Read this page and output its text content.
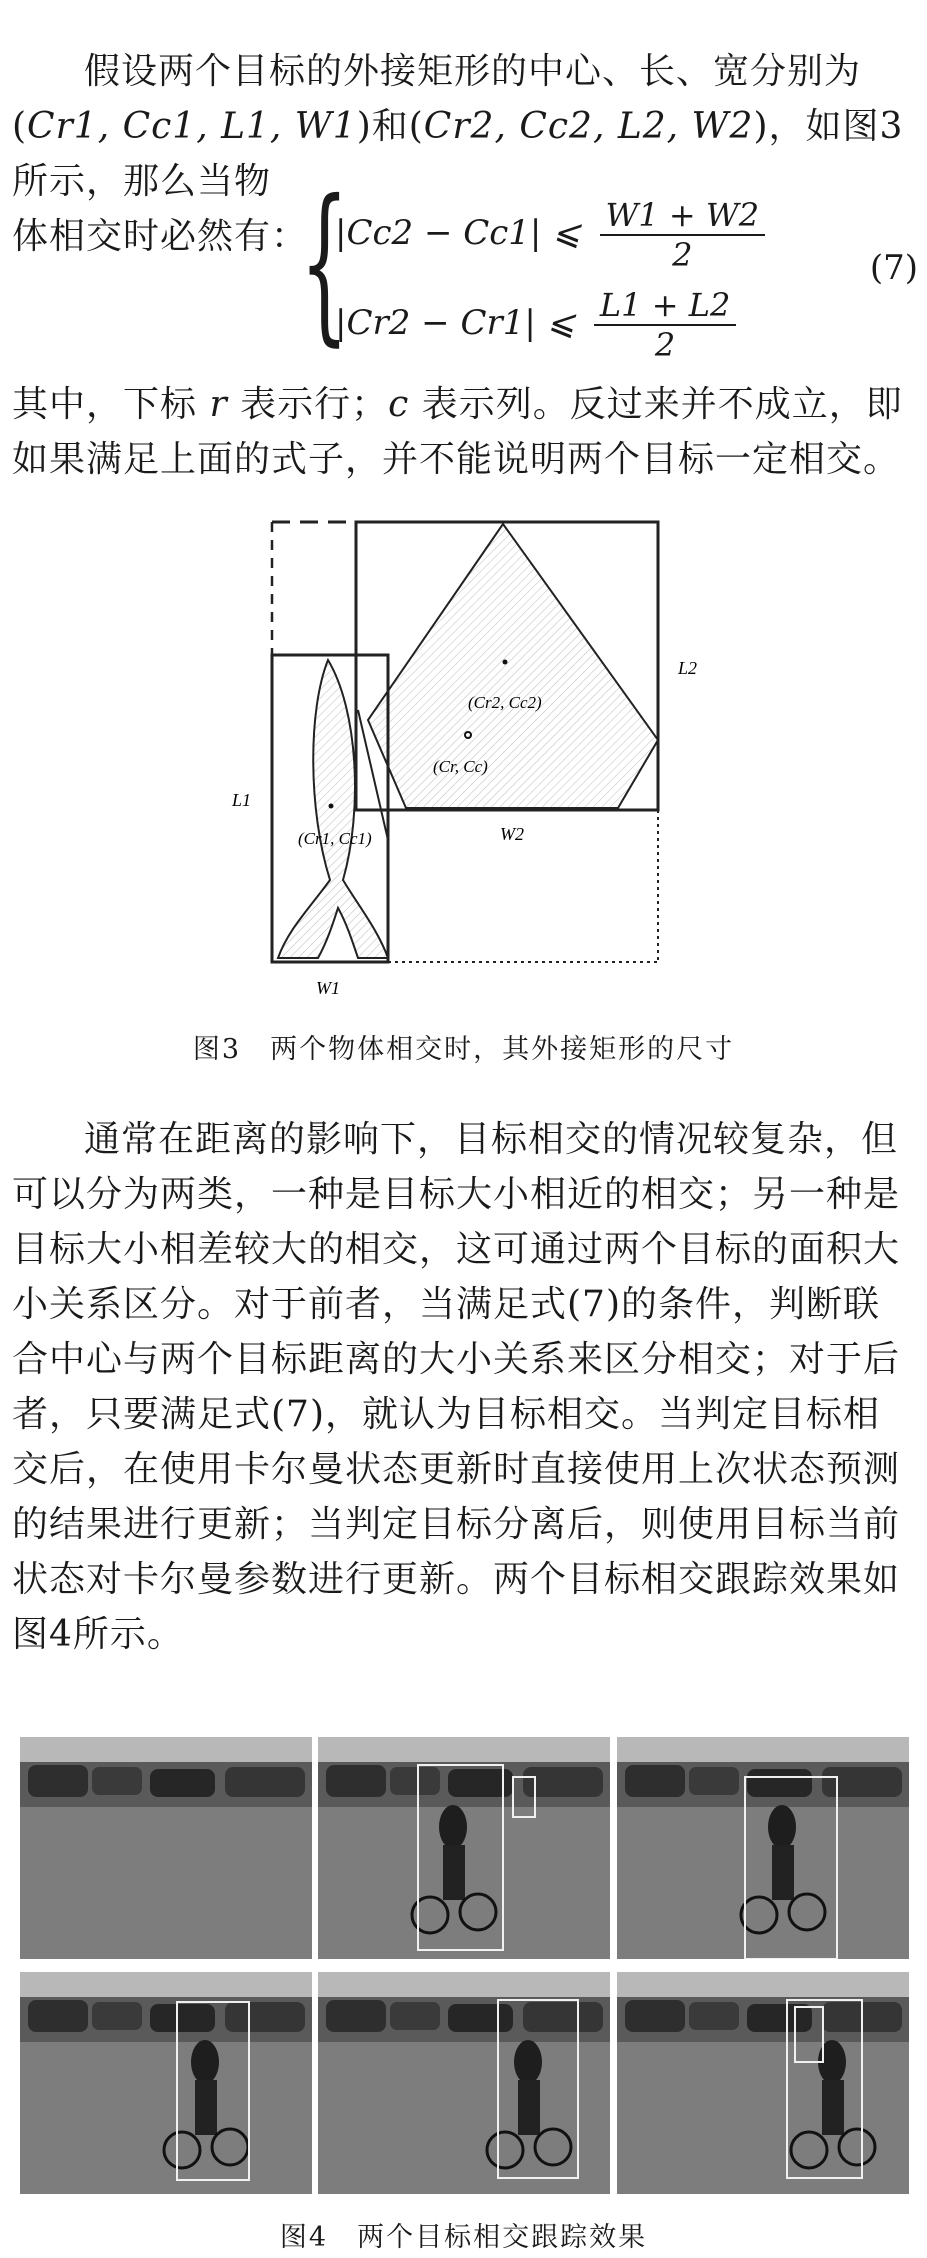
假设两个目标的外接矩形的中心、长、宽分别为
(Cr1, Cc1, L1, W1)和(Cr2, Cc2, L2, W2)，如图3所示，那么当物
体相交时必然有：

{
|Cc2 − Cc1| ⩽ $\frac{W1 + W2}{2}$
|Cr2 − Cr1| ⩽ $\frac{L1 + L2}{2}$
(7)

其中，下标 r 表示行；c 表示列。反过来并不成立，即如果满足上面的式子，并不能说明两个目标一定相交。

(Cr2, Cc2)
(Cr, Cc)
(Cr1, Cc1)
L1
L2
W2
W1
图3　两个物体相交时，其外接矩形的尺寸

通常在距离的影响下，目标相交的情况较复杂，但可以分为两类，一种是目标大小相近的相交；另一种是目标大小相差较大的相交，这可通过两个目标的面积大小关系区分。对于前者，当满足式(7)的条件，判断联合中心与两个目标距离的大小关系来区分相交；对于后者，只要满足式(7)，就认为目标相交。当判定目标相交后，在使用卡尔曼状态更新时直接使用上次状态预测的结果进行更新；当判定目标分离后，则使用目标当前状态对卡尔曼参数进行更新。两个目标相交跟踪效果如图4所示。

图4　两个目标相交跟踪效果
